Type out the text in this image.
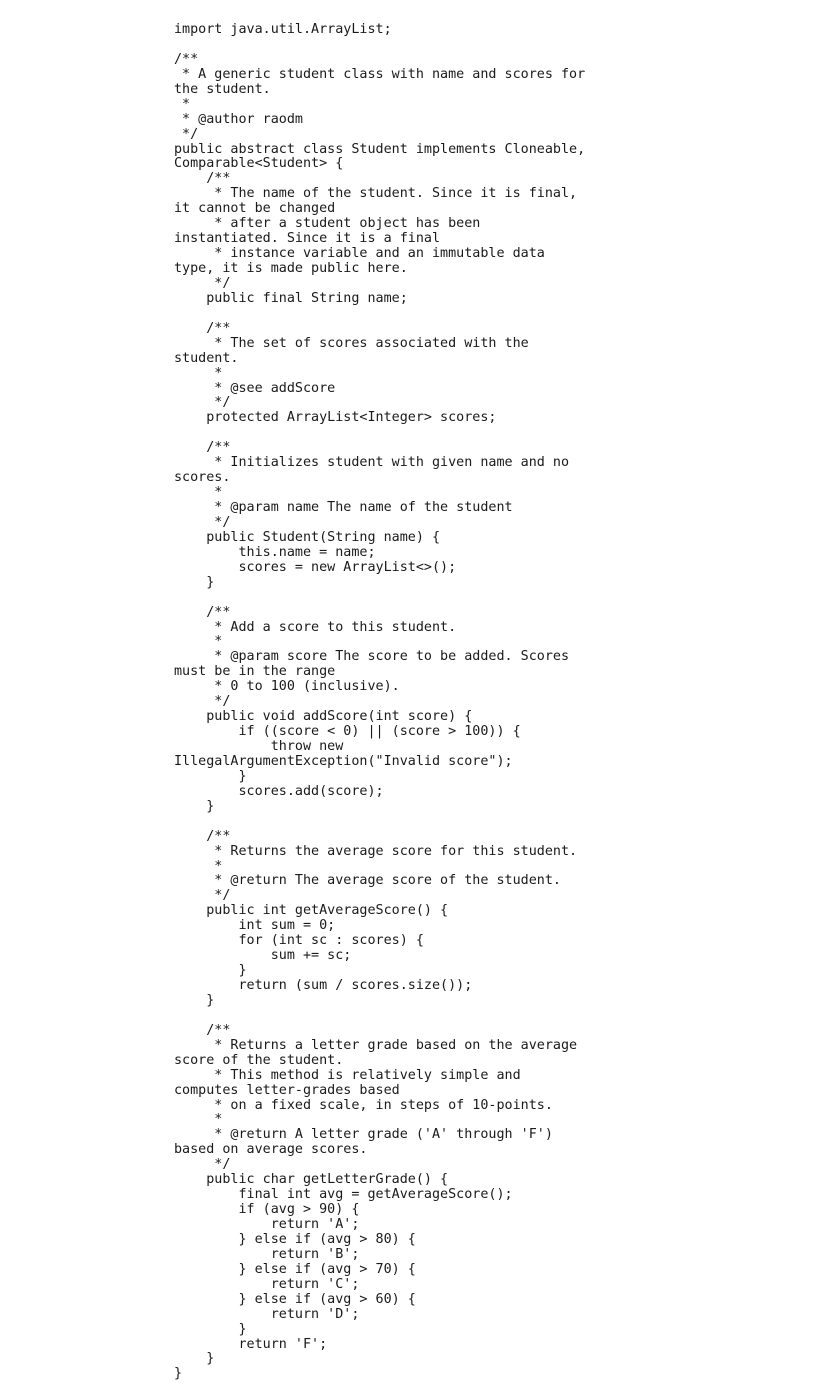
import java.util.ArrayList;
/**
* A generic student class with name and scores for
the student.
*
* @author raodm
*/
public abstract class Student implements Cloneable,
Comparable<Student> {
/**
* The name of the student. Since it is final,
it cannot be changed
* after a student object has been
instantiated. Since it is a final
* instance variable and an immutable data
type, it is made public here.
*/
public final String name;
/**
* The set of scores associated with the
student.
*
* @see addScore
*/
protected ArrayList<Integer> scores;
/**
* Initializes student with given name and no
scores.
*
* @param name The name of the student
*/
public Student(String name) {
this.name = name;
scores = new ArrayList<>();
}
/**
* Add a score to this student.
*
* @param score The score to be added. Scores
must be in the range
* 0 to 100 (inclusive).
*/
public void addScore(int score) {
if ((score < 0) || (score > 100)) {
throw new
IllegalArgumentException("Invalid score");
}
scores.add(score);
}
/**
* Returns the average score for this student.
*
* @return The average score of the student.
*/
public int getAverageScore() {
int sum = 0;
for (int sc : scores) {
sum += sc;
}
return (sum / scores.size());
}
/**
* Returns a letter grade based on the average
score of the student.
* This method is relatively simple and
computes letter-grades based
* on a fixed scale, in steps of 10-points.
*
* @return A letter grade ('A' through 'F')
based on average scores.
*/
public char getLetterGrade() {
final int avg = getAverageScore();
if (avg > 90) {
return 'A';
} else if (avg > 80) {
return 'B';
} else if (avg > 70) {
return 'C';
} else if (avg > 60) {
return 'D';
}
return 'F';
}
}
